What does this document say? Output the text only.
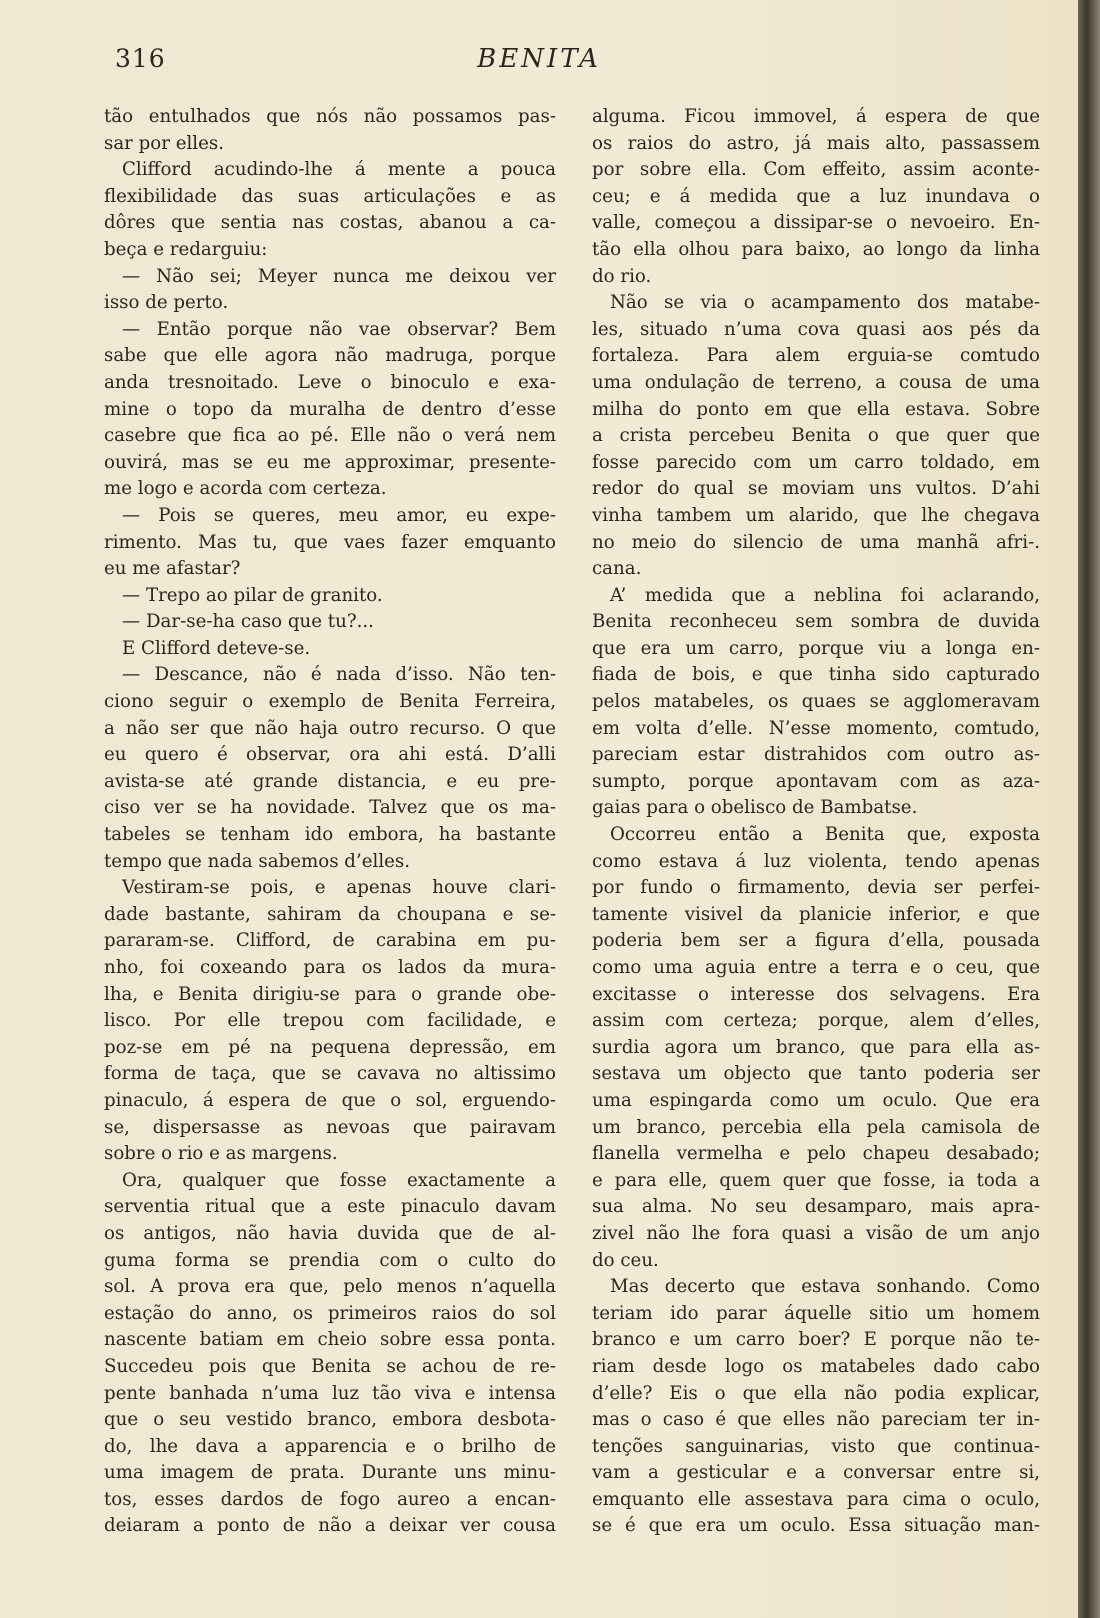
316	BENITA
tão entulhados que nós não possamos pas-
sar por elles.
Clifford acudindo-lhe á mente a pouca
flexibilidade das suas articulações e as
dôres que sentia nas costas, abanou a ca-
beça e redarguiu:
— Não sei; Meyer nunca me deixou ver
isso de perto.
— Então porque não vae observar? Bem
sabe que elle agora não madruga, porque
anda tresnoitado. Leve o binoculo e exa-
mine o topo da muralha de dentro d’esse
casebre que fica ao pé. Elle não o verá nem
ouvirá, mas se eu me approximar, presente-
me logo e acorda com certeza.
— Pois se queres, meu amor, eu expe-
rimento. Mas tu, que vaes fazer emquanto
eu me afastar?
— Trepo ao pilar de granito.
— Dar-se-ha caso que tu?...
E Clifford deteve-se.
— Descance, não é nada d’isso. Não ten-
ciono seguir o exemplo de Benita Ferreira,
a não ser que não haja outro recurso. O que
eu quero é observar, ora ahi está. D’alli
avista-se até grande distancia, e eu pre-
ciso ver se ha novidade. Talvez que os ma-
tabeles se tenham ido embora, ha bastante
tempo que nada sabemos d’elles.
Vestiram-se pois, e apenas houve clari-
dade bastante, sahiram da choupana e se-
pararam-se. Clifford, de carabina em pu-
nho, foi coxeando para os lados da mura-
lha, e Benita dirigiu-se para o grande obe-
lisco. Por elle trepou com facilidade, e
poz-se em pé na pequena depressão, em
forma de taça, que se cavava no altissimo
pinaculo, á espera de que o sol, erguendo-
se, dispersasse as nevoas que pairavam
sobre o rio e as margens.
Ora, qualquer que fosse exactamente a
serventia ritual que a este pinaculo davam
os antigos, não havia duvida que de al-
guma forma se prendia com o culto do
sol. A prova era que, pelo menos n’aquella
estação do anno, os primeiros raios do sol
nascente batiam em cheio sobre essa ponta.
Succedeu pois que Benita se achou de re-
pente banhada n’uma luz tão viva e intensa
que o seu vestido branco, embora desbota-
do, lhe dava a apparencia e o brilho de
uma imagem de prata. Durante uns minu-
tos, esses dardos de fogo aureo a encan-
deiaram a ponto de não a deixar ver cousa
alguma. Ficou immovel, á espera de que
os raios do astro, já mais alto, passassem
por sobre ella. Com effeito, assim aconte-
ceu; e á medida que a luz inundava o
valle, começou a dissipar-se o nevoeiro. En-
tão ella olhou para baixo, ao longo da linha
do rio.
Não se via o acampamento dos matabe-
les, situado n’uma cova quasi aos pés da
fortaleza. Para alem erguia-se comtudo
uma ondulação de terreno, a cousa de uma
milha do ponto em que ella estava. Sobre
a crista percebeu Benita o que quer que
fosse parecido com um carro toldado, em
redor do qual se moviam uns vultos. D’ahi
vinha tambem um alarido, que lhe chegava
no meio do silencio de uma manhã afri-.
cana.
A’ medida que a neblina foi aclarando,
Benita reconheceu sem sombra de duvida
que era um carro, porque viu a longa en-
fiada de bois, e que tinha sido capturado
pelos matabeles, os quaes se agglomeravam
em volta d’elle. N’esse momento, comtudo,
pareciam estar distrahidos com outro as-
sumpto, porque apontavam com as aza-
gaias para o obelisco de Bambatse.
Occorreu então a Benita que, exposta
como estava á luz violenta, tendo apenas
por fundo o firmamento, devia ser perfei-
tamente visivel da planicie inferior, e que
poderia bem ser a figura d’ella, pousada
como uma aguia entre a terra e o ceu, que
excitasse o interesse dos selvagens. Era
assim com certeza; porque, alem d’elles,
surdia agora um branco, que para ella as-
sestava um objecto que tanto poderia ser
uma espingarda como um oculo. Que era
um branco, percebia ella pela camisola de
flanella vermelha e pelo chapeu desabado;
e para elle, quem quer que fosse, ia toda a
sua alma. No seu desamparo, mais apra-
zivel não lhe fora quasi a visão de um anjo
do ceu.
Mas decerto que estava sonhando. Como
teriam ido parar áquelle sitio um homem
branco e um carro boer? E porque não te-
riam desde logo os matabeles dado cabo
d’elle? Eis o que ella não podia explicar,
mas o caso é que elles não pareciam ter in-
tenções sanguinarias, visto que continua-
vam a gesticular e a conversar entre si,
emquanto elle assestava para cima o oculo,
se é que era um oculo. Essa situação man-
